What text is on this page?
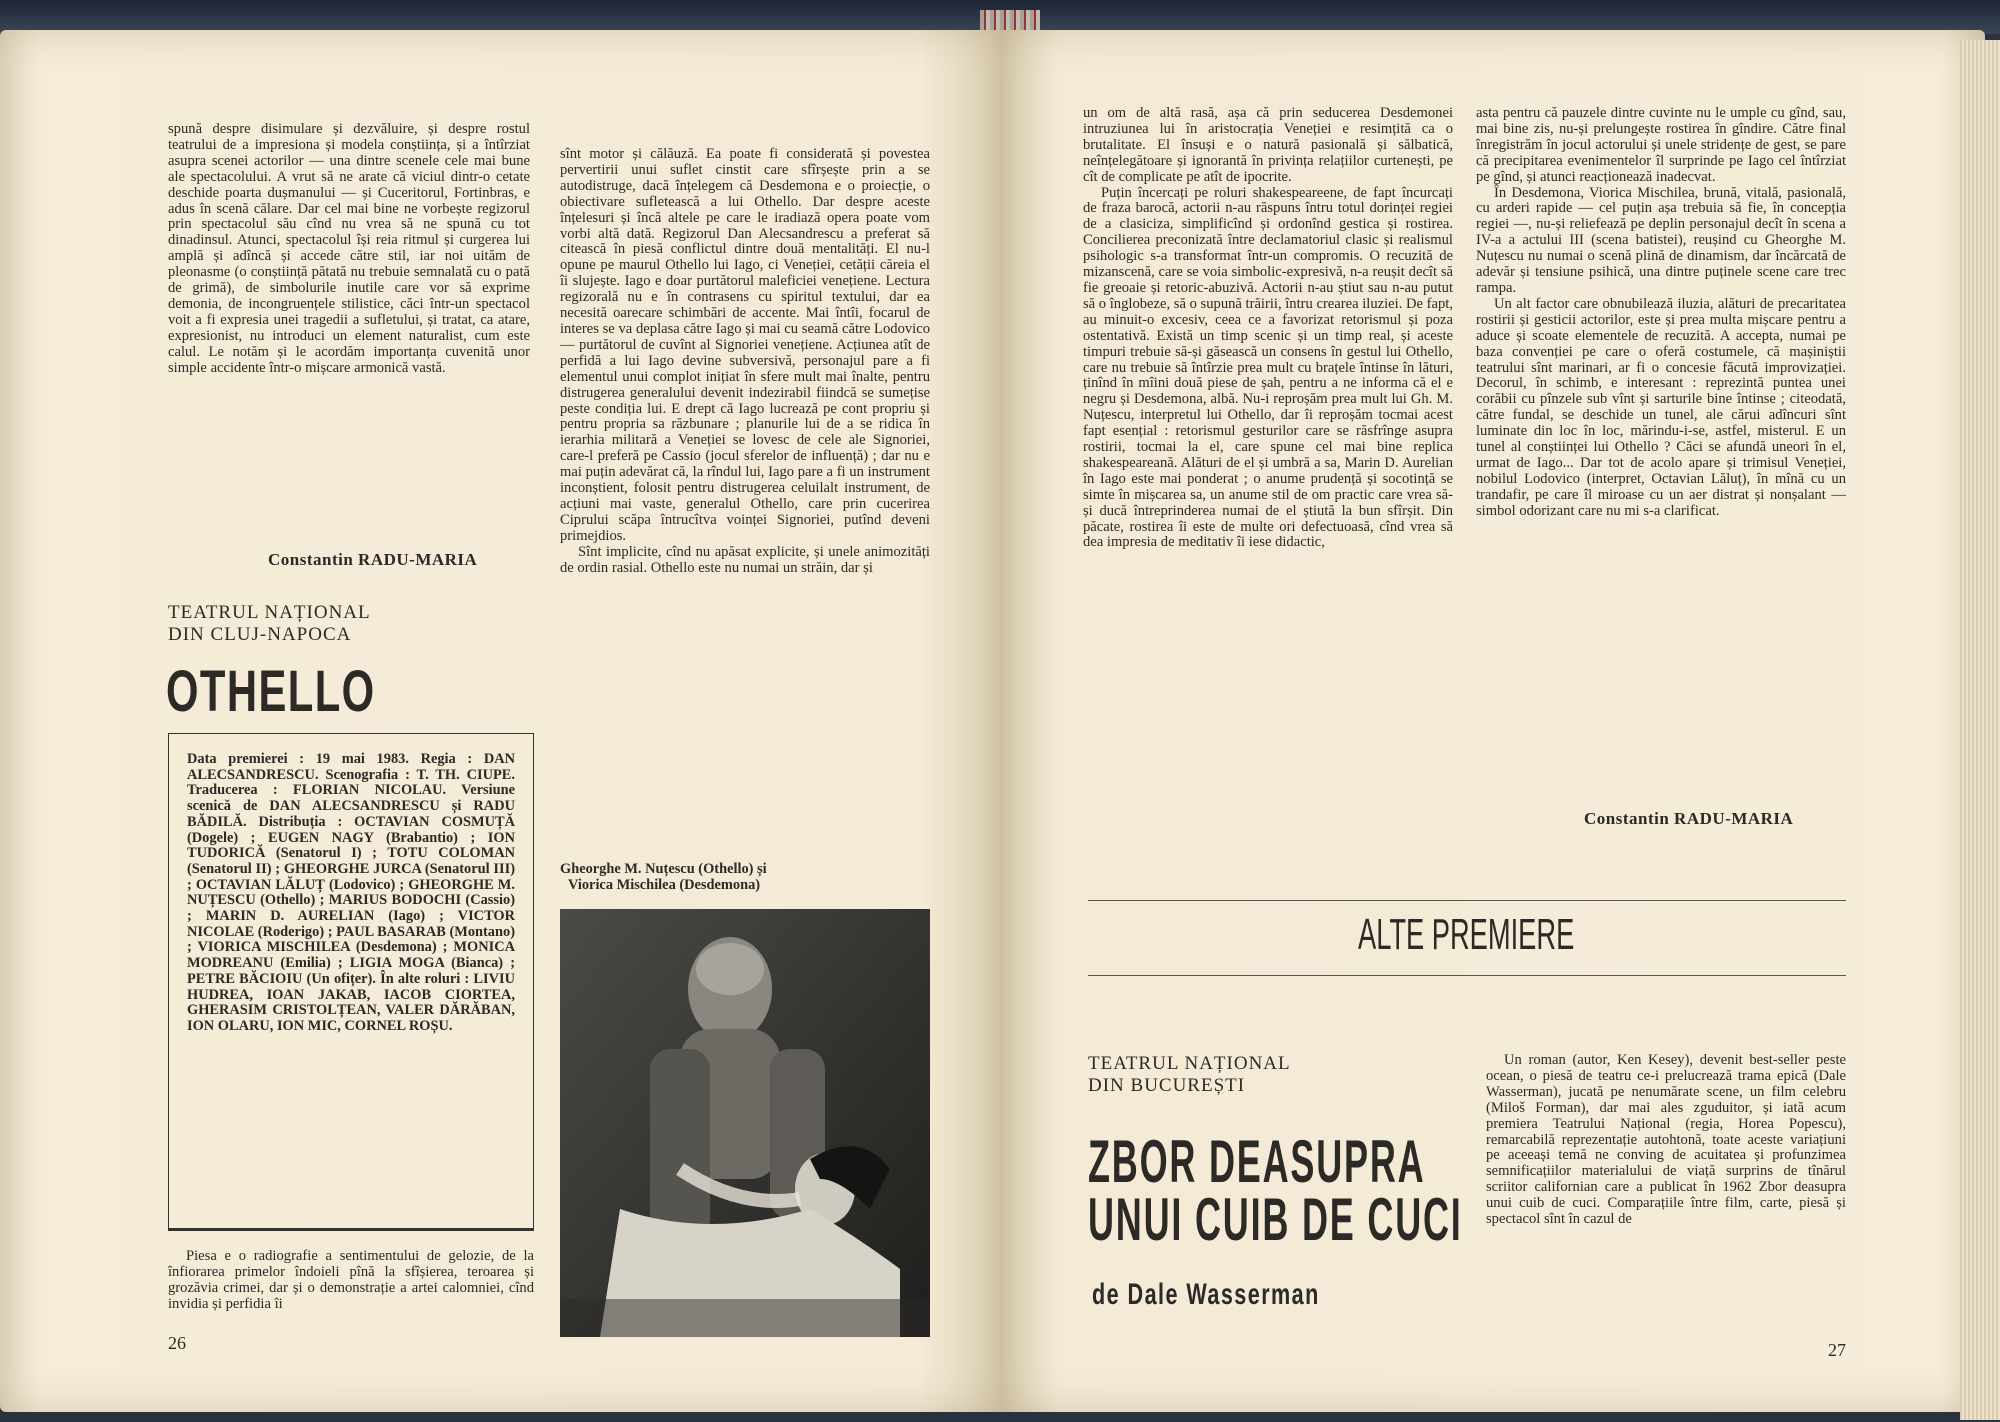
spună despre disimulare și dezvăluire, și despre rostul teatrului de a impresiona și modela conștiința, și a întîrziat asupra scenei actorilor — una dintre scenele cele mai bune ale spectacolului. A vrut să ne arate că viciul dintr-o cetate deschide poarta dușmanului — și Cuceritorul, Fortinbras, e adus în scenă călare. Dar cel mai bine ne vorbește regizorul prin spectacolul său cînd nu vrea să ne spună cu tot dinadinsul. Atunci, spectacolul își reia ritmul și curgerea lui amplă și adîncă și accede către stil, iar noi uităm de pleonasme (o conștiință pătată nu trebuie semnalată cu o pată de grimă), de simbolurile inutile care vor să exprime demonia, de incongruențele stilistice, căci într-un spectacol voit a fi expresia unei tragedii a sufletului, și tratat, ca atare, expresionist, nu introduci un element naturalist, cum este calul. Le notăm și le acordăm importanța cuvenită unor simple accidente într-o mișcare armonică vastă.

Constantin RADU-MARIA
TEATRUL NAȚIONAL
DIN CLUJ-NAPOCA
OTHELLO
Data premierei : 19 mai 1983. Regia : DAN ALECSANDRESCU. Scenografia : T. TH. CIUPE. Traducerea : FLORIAN NICOLAU. Versiune scenică de DAN ALECSANDRESCU și RADU BĂDILĂ. Distribuția : OCTAVIAN COSMUȚĂ (Dogele) ; EUGEN NAGY (Brabantio) ; ION TUDORICĂ (Senatorul I) ; TOTU COLOMAN (Senatorul II) ; GHEORGHE JURCA (Senatorul III) ; OCTAVIAN LĂLUȚ (Lodovico) ; GHEORGHE M. NUȚESCU (Othello) ; MARIUS BODOCHI (Cassio) ; MARIN D. AURELIAN (Iago) ; VICTOR NICOLAE (Roderigo) ; PAUL BASARAB (Montano) ; VIORICA MISCHILEA (Desdemona) ; MONICA MODREANU (Emilia) ; LIGIA MOGA (Bianca) ; PETRE BĂCIOIU (Un ofițer). În alte roluri : LIVIU HUDREA, IOAN JAKAB, IACOB CIORTEA, GHERASIM CRISTOLȚEAN, VALER DĂRĂBAN, ION OLARU, ION MIC, CORNEL ROȘU.

Piesa e o radiografie a sentimentului de gelozie, de la înfiorarea primelor îndoieli pînă la sfîșierea, teroarea și grozăvia crimei, dar și o demonstrație a artei calomniei, cînd invidia și perfidia îi

sînt motor și călăuză. Ea poate fi considerată și povestea pervertirii unui suflet cinstit care sfîrșește prin a se autodistruge, dacă înțelegem că Desdemona e o proiecție, o obiectivare sufletească a lui Othello. Dar despre aceste înțelesuri și încă altele pe care le iradiază opera poate vom vorbi altă dată. Regizorul Dan Alecsandrescu a preferat să citească în piesă conflictul dintre două mentalități. El nu-l opune pe maurul Othello lui Iago, ci Veneției, cetății căreia el îi slujește. Iago e doar purtătorul maleficiei venețiene. Lectura regizorală nu e în contrasens cu spiritul textului, dar ea necesită oarecare schimbări de accente. Mai întîi, focarul de interes se va deplasa către Iago și mai cu seamă către Lodovico — purtătorul de cuvînt al Signoriei venețiene. Acțiunea atît de perfidă a lui Iago devine subversivă, personajul pare a fi elementul unui complot inițiat în sfere mult mai înalte, pentru distrugerea generalului devenit indezirabil fiindcă se sumețise peste condiția lui. E drept că Iago lucrează pe cont propriu și pentru propria sa răzbunare ; planurile lui de a se ridica în ierarhia militară a Veneției se lovesc de cele ale Signoriei, care-l preferă pe Cassio (jocul sferelor de influență) ; dar nu e mai puțin adevărat că, la rîndul lui, Iago pare a fi un instrument inconștient, folosit pentru distrugerea celuilalt instrument, de acțiuni mai vaste, generalul Othello, care prin cucerirea Ciprului scăpa întrucîtva voinței Signoriei, putînd deveni primejdios.

Sînt implicite, cînd nu apăsat explicite, și unele animozități de ordin rasial. Othello este nu numai un străin, dar și

Gheorghe M. Nuțescu (Othello) și
Viorica Mischilea (Desdemona)
26

un om de altă rasă, așa că prin seducerea Desdemonei intruziunea lui în aristocrația Veneției e resimțită ca o brutalitate. El însuși e o natură pasională și sălbatică, neînțelegătoare și ignorantă în privința relațiilor curtenești, pe cît de complicate pe atît de ipocrite.

Puțin încercați pe roluri shakespeareene, de fapt încurcați de fraza barocă, actorii n-au răspuns întru totul dorinței regiei de a clasiciza, simplificînd și ordonînd gestica și rostirea. Concilierea preconizată între declamatoriul clasic și realismul psihologic s-a transformat într-un compromis. O recuzită de mizanscenă, care se voia simbolic-expresivă, n-a reușit decît să fie greoaie și retoric-abuzivă. Actorii n-au știut sau n-au putut să o înglobeze, să o supună trăirii, întru crearea iluziei. De fapt, au minuit-o excesiv, ceea ce a favorizat retorismul și poza ostentativă. Există un timp scenic și un timp real, și aceste timpuri trebuie să-și găsească un consens în gestul lui Othello, care nu trebuie să întîrzie prea mult cu brațele întinse în lături, ținînd în mîini două piese de șah, pentru a ne informa că el e negru și Desdemona, albă. Nu-i reproșăm prea mult lui Gh. M. Nuțescu, interpretul lui Othello, dar îi reproșăm tocmai acest fapt esențial : retorismul gesturilor care se răsfrînge asupra rostirii, tocmai la el, care spune cel mai bine replica shakespeareană. Alături de el și umbră a sa, Marin D. Aurelian în Iago este mai ponderat ; o anume prudență și socotință se simte în mișcarea sa, un anume stil de om practic care vrea să-și ducă întreprinderea numai de el știută la bun sfîrșit. Din păcate, rostirea îi este de multe ori defectuoasă, cînd vrea să dea impresia de meditativ îi iese didactic,

asta pentru că pauzele dintre cuvinte nu le umple cu gînd, sau, mai bine zis, nu-și prelungește rostirea în gîndire. Către final înregistrăm în jocul actorului și unele stridențe de gest, se pare că precipitarea evenimentelor îl surprinde pe Iago cel întîrziat pe gînd, și atunci reacționează inadecvat.

În Desdemona, Viorica Mischilea, brună, vitală, pasională, cu arderi rapide — cel puțin așa trebuia să fie, în concepția regiei —, nu-și reliefează pe deplin personajul decît în scena a IV-a a actului III (scena batistei), reușind cu Gheorghe M. Nuțescu nu numai o scenă plină de dinamism, dar încărcată de adevăr și tensiune psihică, una dintre puținele scene care trec rampa.

Un alt factor care obnubilează iluzia, alături de precaritatea rostirii și gesticii actorilor, este și prea multa mișcare pentru a aduce și scoate elementele de recuzită. A accepta, numai pe baza convenției pe care o oferă costumele, că mașiniștii teatrului sînt marinari, ar fi o concesie făcută improvizației. Decorul, în schimb, e interesant : reprezintă puntea unei corăbii cu pînzele sub vînt și sarturile bine întinse ; citeodată, către fundal, se deschide un tunel, ale cărui adîncuri sînt luminate din loc în loc, mărindu-i-se, astfel, misterul. E un tunel al conștiinței lui Othello ? Căci se afundă uneori în el, urmat de Iago... Dar tot de acolo apare și trimisul Veneției, nobilul Lodovico (interpret, Octavian Lăluț), în mînă cu un trandafir, pe care îl miroase cu un aer distrat și nonșalant — simbol odorizant care nu mi s-a clarificat.

Constantin RADU-MARIA
ALTE PREMIERE
TEATRUL NAȚIONAL
DIN BUCUREȘTI
ZBOR DEASUPRA
UNUI CUIB DE CUCI
de Dale Wasserman

Un roman (autor, Ken Kesey), devenit best-seller peste ocean, o piesă de teatru ce-i prelucrează trama epică (Dale Wasserman), jucată pe nenumărate scene, un film celebru (Miloš Forman), dar mai ales zguduitor, și iată acum premiera Teatrului Național (regia, Horea Popescu), remarcabilă reprezentație autohtonă, toate aceste variațiuni pe aceeași temă ne conving de acuitatea și profunzimea semnificațiilor materialului de viață surprins de tînărul scriitor californian care a publicat în 1962 Zbor deasupra unui cuib de cuci. Comparațiile între film, carte, piesă și spectacol sînt în cazul de

27
